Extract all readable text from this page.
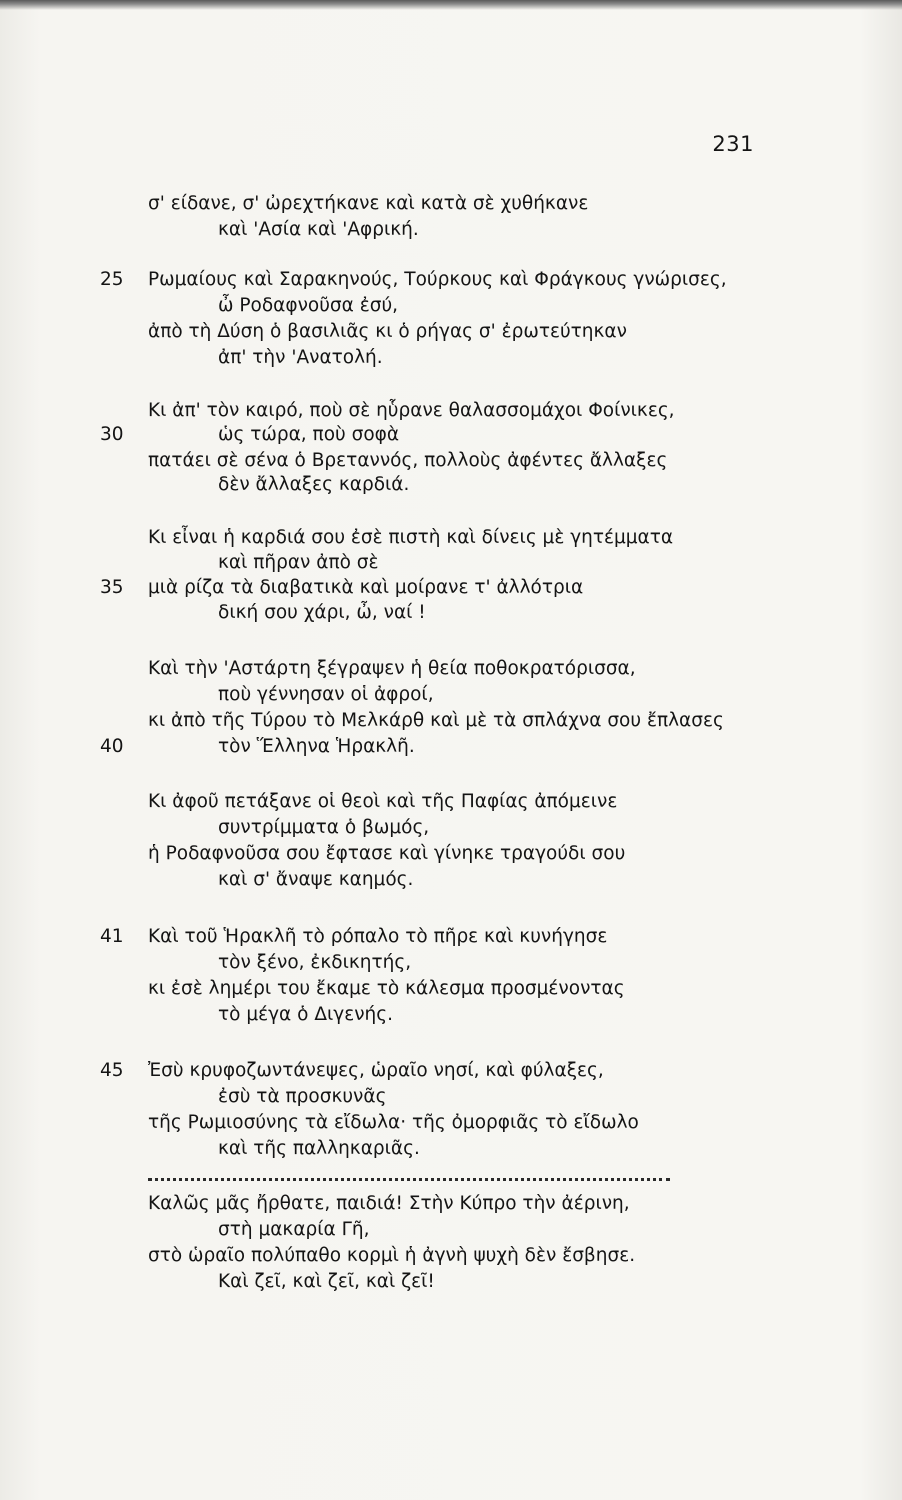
231
σ' είδανε, σ' ὠρεχτήκανε καὶ κατὰ σὲ χυθήκανε
καὶ 'Ασία καὶ 'Αφρική.
25 Ρωμαίους καὶ Σαρακηνούς, Τούρκους καὶ Φράγκους γνώρισες,
ὦ Ροδαφνοῦσα ἐσύ,
ἀπὸ τὴ Δύση ὁ βασιλιᾶς κι ὁ ρήγας σ' ἐρωτεύτηκαν
ἀπ' τὴν 'Ανατολή.
Κι ἀπ' τὸν καιρό, ποὺ σὲ ηὗρανε θαλασσομάχοι Φοίνικες,
30	ὡς τώρα, ποὺ σοφὰ
πατάει σὲ σένα ὁ Βρεταννός, πολλοὺς ἀφέντες ἄλλαξες
δὲν ἄλλαξες καρδιά.
Κι εἶναι ἡ καρδιά σου ἐσὲ πιστὴ καὶ δίνεις μὲ γητέμματα
καὶ πῆραν ἀπὸ σὲ
35 μιὰ ρίζα τὰ διαβατικὰ καὶ μοίρανε τ' ἀλλότρια
δική σου χάρι, ὦ, ναί !
Καὶ τὴν 'Αστάρτη ξέγραψεν ἡ θεία ποθοκρατόρισσα,
ποὺ γέννησαν οἱ ἀφροί,
κι ἀπὸ τῆς Τύρου τὸ Μελκάρθ καὶ μὲ τὰ σπλάχνα σου ἔπλασες
40	τὸν Ἕλληνα Ἡρακλῆ.
Κι ἀφοῦ πετάξανε οἱ θεοὶ καὶ τῆς Παφίας ἀπόμεινε
συντρίμματα ὁ βωμός,
ἡ Ροδαφνοῦσα σου ἔφτασε καὶ γίνηκε τραγούδι σου
καὶ σ' ἄναψε καημός.
41 Καὶ τοῦ Ἡρακλῆ τὸ ρόπαλο τὸ πῆρε καὶ κυνήγησε
τὸν ξένο, ἐκδικητής,
κι ἐσὲ λημέρι του ἔκαμε τὸ κάλεσμα προσμένοντας
τὸ μέγα ὁ Διγενής.
45 Ἐσὺ κρυφοζωντάνεψες, ὡραῖο νησί, καὶ φύλαξες,
ἐσὺ τὰ προσκυνᾶς
τῆς Ρωμιοσύνης τὰ εἴδωλα· τῆς ὀμορφιᾶς τὸ εἴδωλο
καὶ τῆς παλληκαριᾶς.
Καλῶς μᾶς ἤρθατε, παιδιά! Στὴν Κύπρο τὴν ἀέρινη,
στὴ μακαρία Γῆ,
στὸ ὡραῖο πολύπαθο κορμὶ ἡ ἀγνὴ ψυχὴ δὲν ἔσβησε.
Καὶ ζεῖ, καὶ ζεῖ, καὶ ζεῖ!
